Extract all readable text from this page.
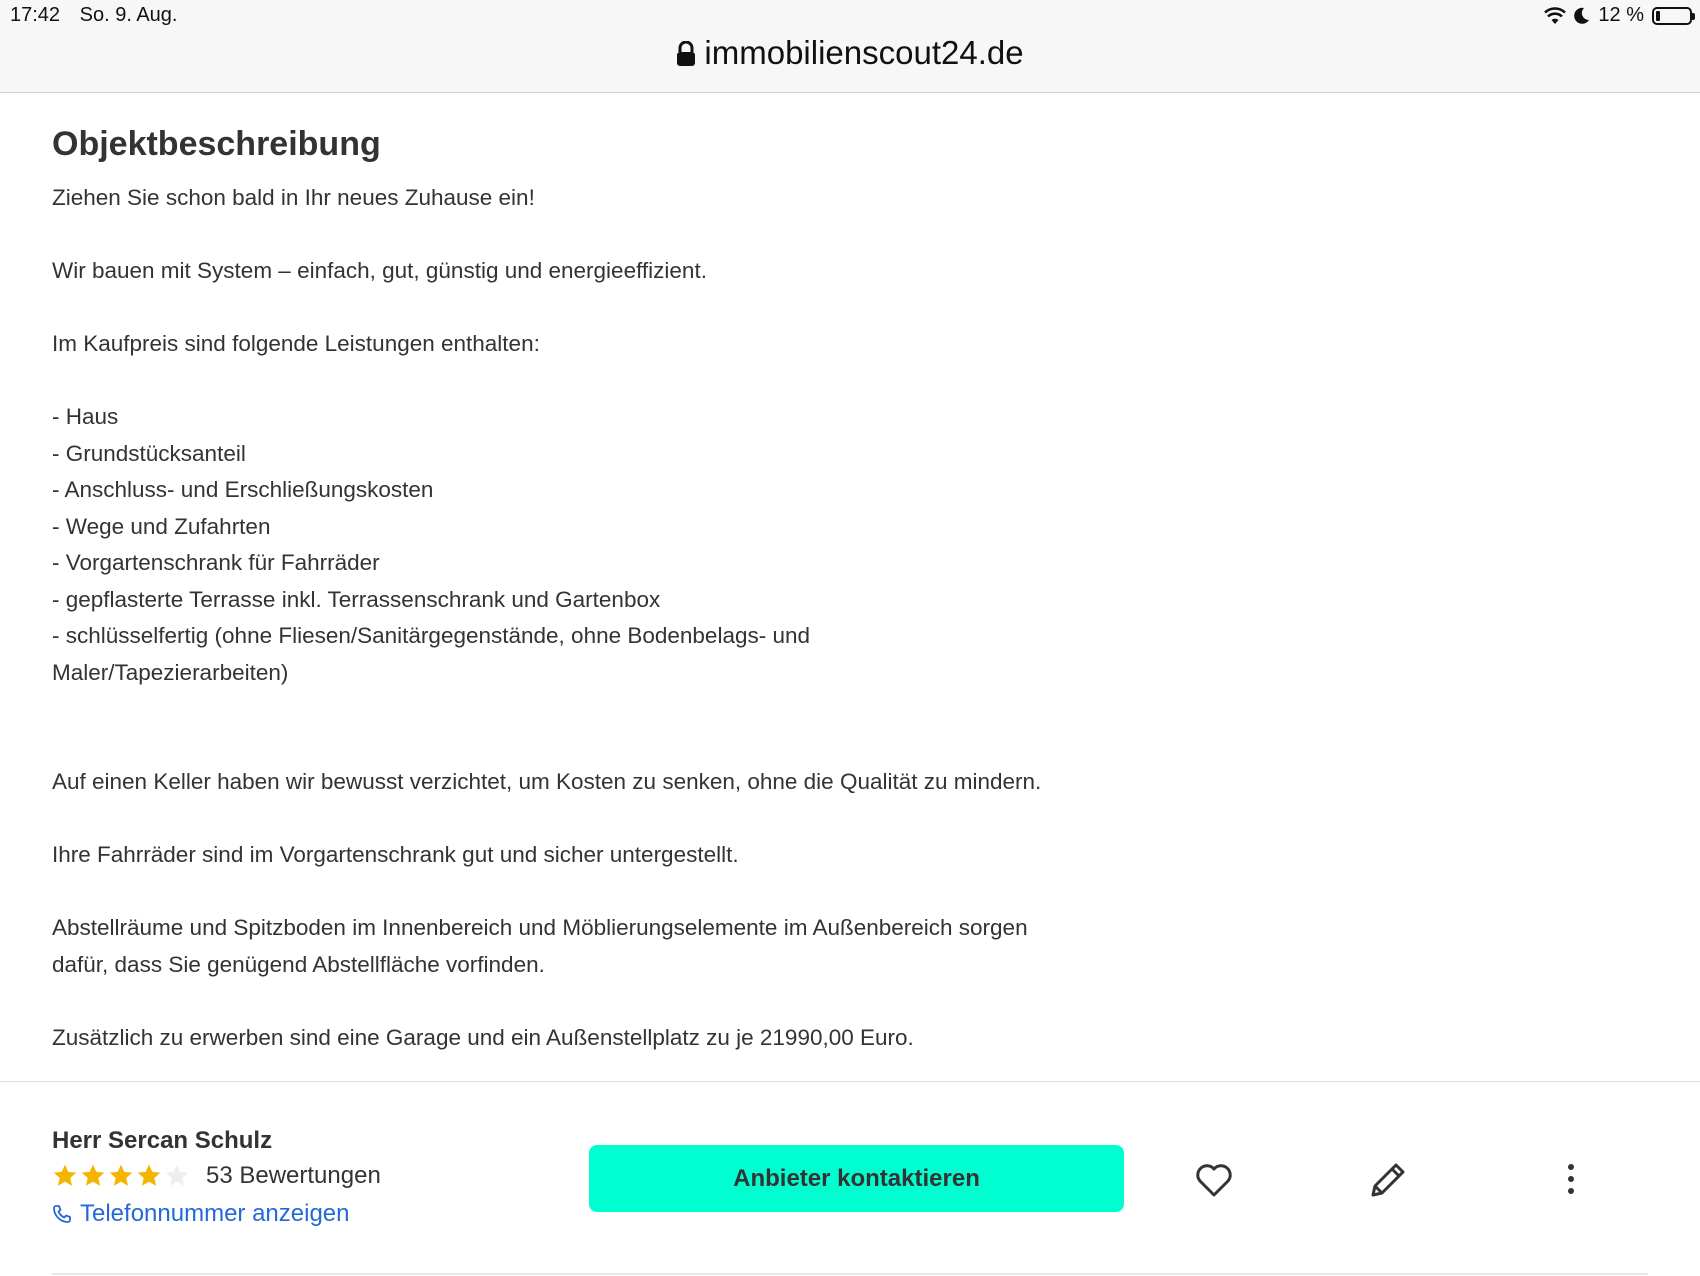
17:42 So. 9. Aug.	12 %
immobilienscout24.de
Objektbeschreibung

Ziehen Sie schon bald in Ihr neues Zuhause ein!

Wir bauen mit System – einfach, gut, günstig und energieeffizient.

Im Kaufpreis sind folgende Leistungen enthalten:

- Haus
- Grundstücksanteil
- Anschluss- und Erschließungskosten
- Wege und Zufahrten
- Vorgartenschrank für Fahrräder
- gepflasterte Terrasse inkl. Terrassenschrank und Gartenbox
- schlüsselfertig (ohne Fliesen/Sanitärgegenstände, ohne Bodenbelags- und Maler/Tapezierarbeiten)

Auf einen Keller haben wir bewusst verzichtet, um Kosten zu senken, ohne die Qualität zu mindern.

Ihre Fahrräder sind im Vorgartenschrank gut und sicher untergestellt.

Abstellräume und Spitzboden im Innenbereich und Möblierungselemente im Außenbereich sorgen dafür, dass Sie genügend Abstellfläche vorfinden.

Zusätzlich zu erwerben sind eine Garage und ein Außenstellplatz zu je 21990,00 Euro.

Herr Sercan Schulz
53 Bewertungen
Telefonnummer anzeigen
Anbieter kontaktieren
